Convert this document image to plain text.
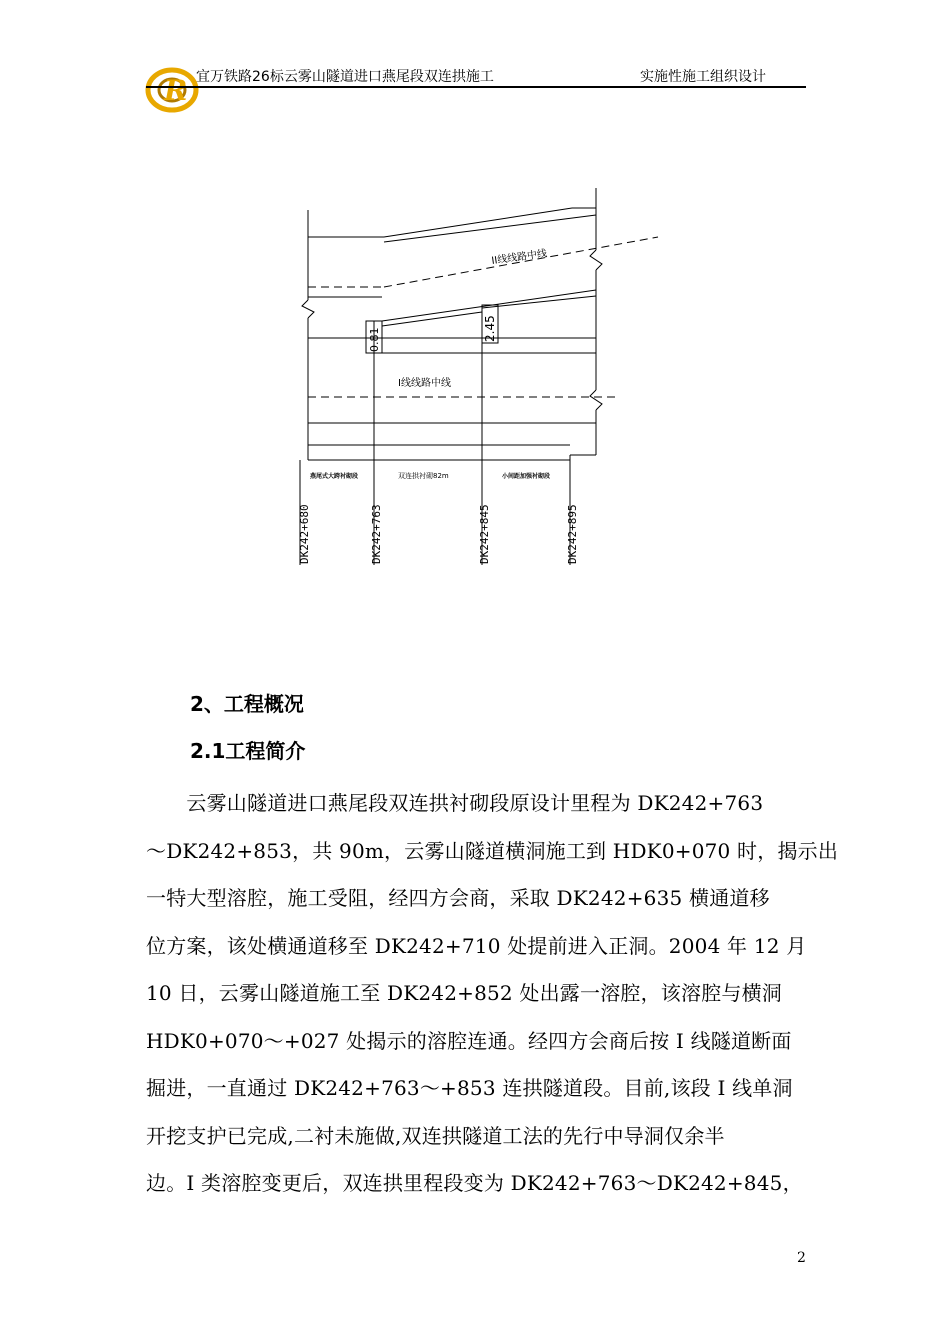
R 宜万铁路26标云雾山隧道进口燕尾段双连拱施工	实施性施工组织设计
II线线路中线
I线线路中线
0.81	2.45
燕尾式大跨衬砌段	双连拱衬砌82m	小间距加强衬砌段
DK242+680	DK242+763	DK242+845	DK242+895
2、工程概况
2.1工程简介
　　云雾山隧道进口燕尾段双连拱衬砌段原设计里程为 DK242+763
～DK242+853，共 90m，云雾山隧道横洞施工到 HDK0+070 时，揭示出
一特大型溶腔，施工受阻，经四方会商，采取 DK242+635 横通道移
位方案，该处横通道移至 DK242+710 处提前进入正洞。2004 年 12 月
10 日，云雾山隧道施工至 DK242+852 处出露一溶腔，该溶腔与横洞
HDK0+070～+027 处揭示的溶腔连通。经四方会商后按 I 线隧道断面
掘进，一直通过 DK242+763～+853 连拱隧道段。目前,该段 I 线单洞
开挖支护已完成,二衬未施做,双连拱隧道工法的先行中导洞仅余半
边。I 类溶腔变更后，双连拱里程段变为 DK242+763～DK242+845，
2
